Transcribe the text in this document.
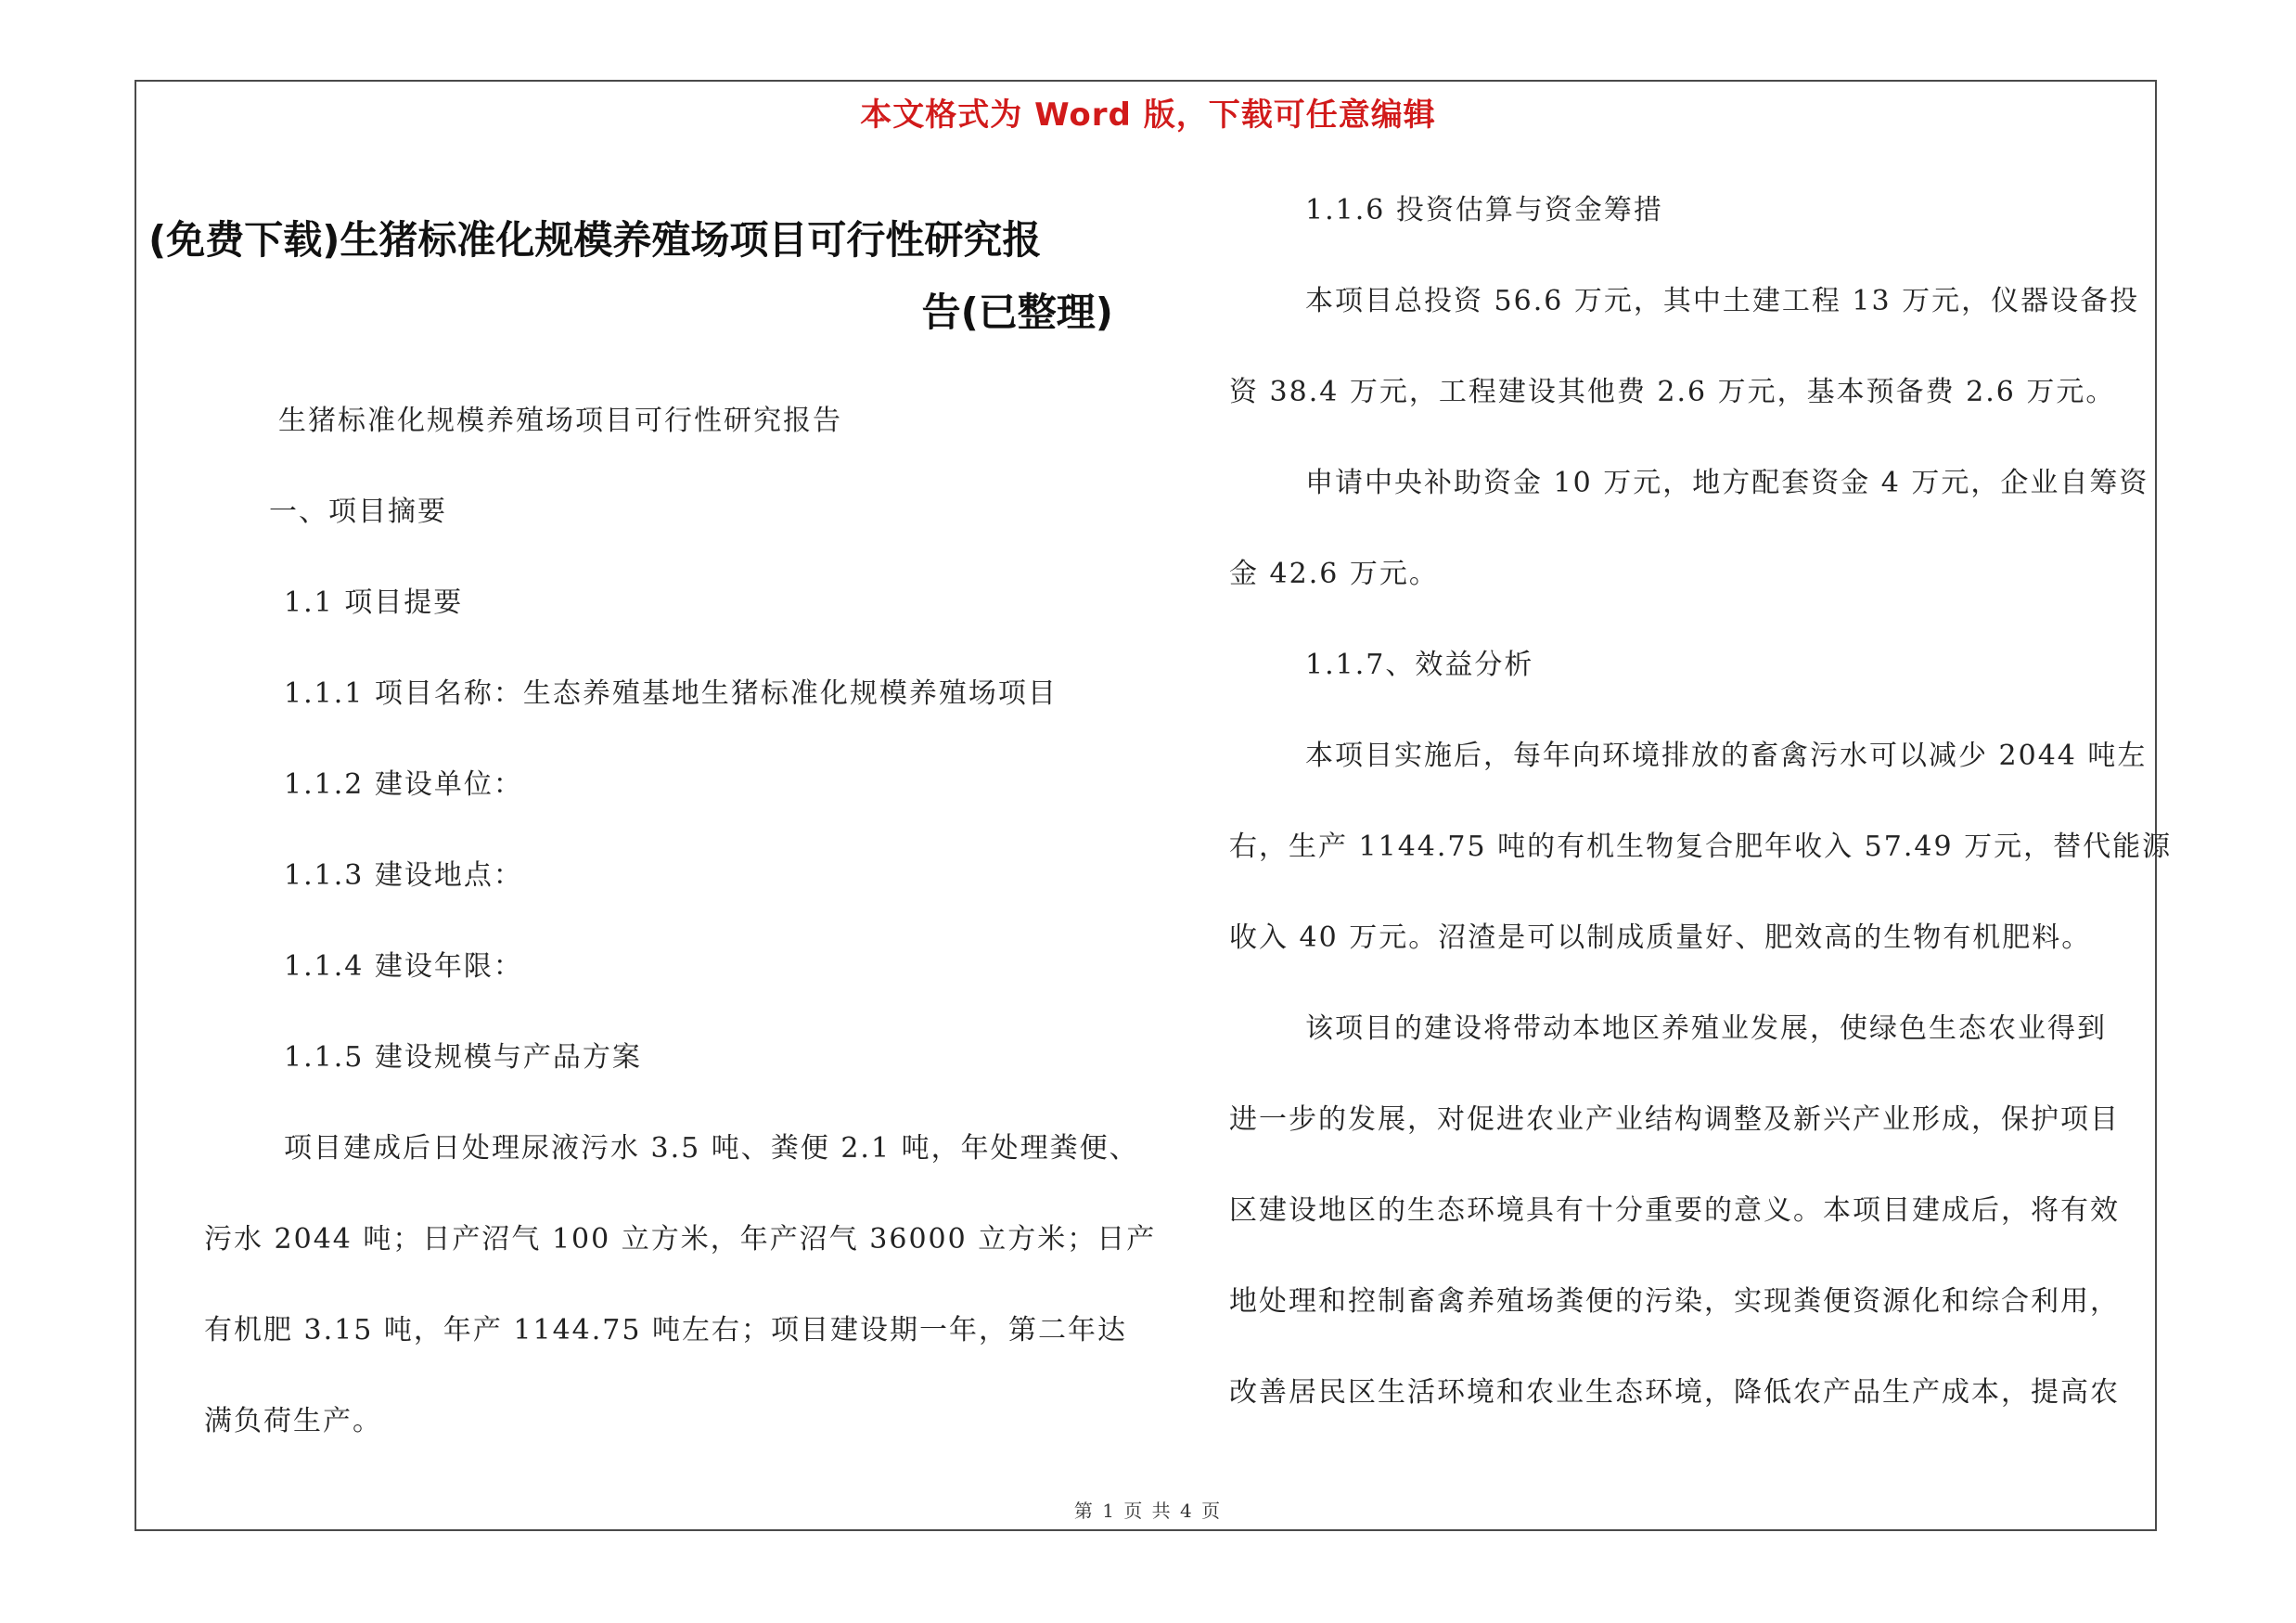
本文格式为 Word 版，下载可任意编辑
(免费下载)生猪标准化规模养殖场项目可行性研究报
告(已整理)
生猪标准化规模养殖场项目可行性研究报告
一、项目摘要
1.1 项目提要
1.1.1 项目名称：生态养殖基地生猪标准化规模养殖场项目
1.1.2 建设单位：
1.1.3 建设地点：
1.1.4 建设年限：
1.1.5 建设规模与产品方案

项目建成后日处理尿液污水 3.5 吨、粪便 2.1 吨，年处理粪便、
污水 2044 吨；日产沼气 100 立方米，年产沼气 36000 立方米；日产
有机肥 3.15 吨，年产 1144.75 吨左右；项目建设期一年，第二年达
满负荷生产。

1.1.6 投资估算与资金筹措

本项目总投资 56.6 万元，其中土建工程 13 万元，仪器设备投
资 38.4 万元，工程建设其他费 2.6 万元，基本预备费 2.6 万元。

申请中央补助资金 10 万元，地方配套资金 4 万元，企业自筹资
金 42.6 万元。

1.1.7、效益分析

本项目实施后，每年向环境排放的畜禽污水可以减少 2044 吨左
右，生产 1144.75 吨的有机生物复合肥年收入 57.49 万元，替代能源
收入 40 万元。沼渣是可以制成质量好、肥效高的生物有机肥料。

该项目的建设将带动本地区养殖业发展，使绿色生态农业得到
进一步的发展，对促进农业产业结构调整及新兴产业形成，保护项目
区建设地区的生态环境具有十分重要的意义。本项目建成后，将有效
地处理和控制畜禽养殖场粪便的污染，实现粪便资源化和综合利用，
改善居民区生活环境和农业生态环境，降低农产品生产成本，提高农

第 1 页 共 4 页
